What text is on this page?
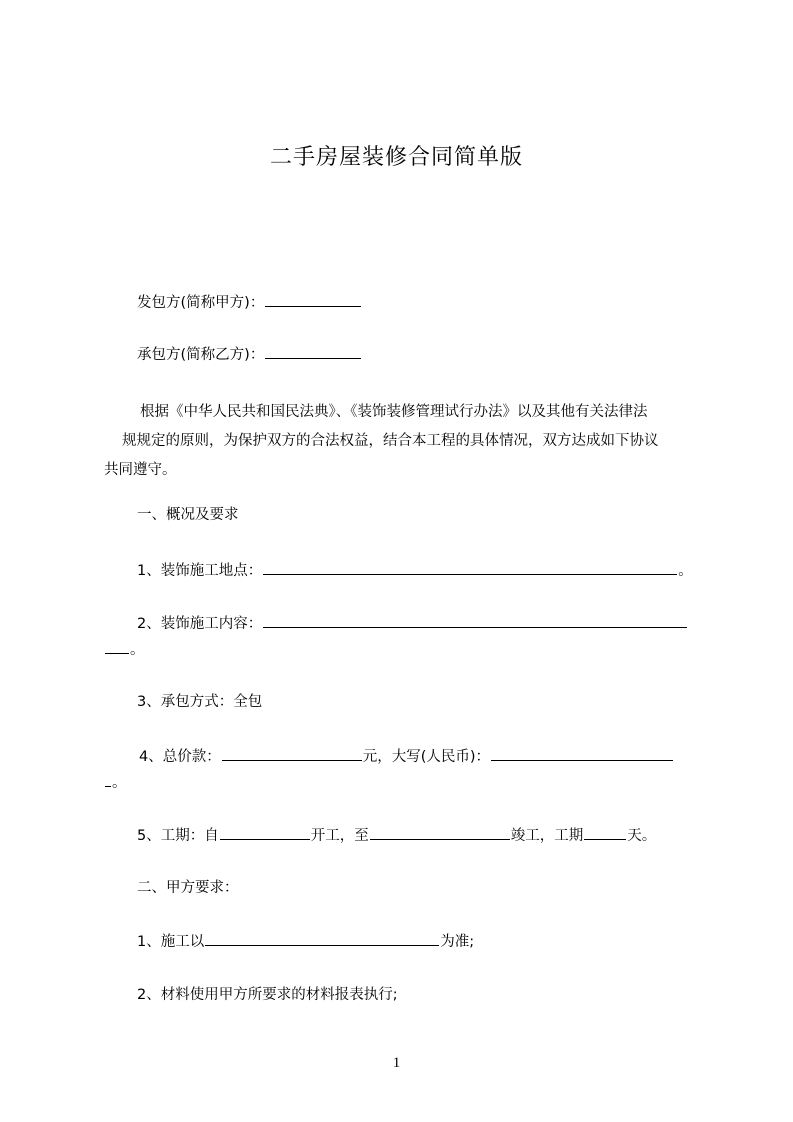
二手房屋装修合同简单版
发包方(简称甲方)：
承包方(简称乙方)：
根据《中华人民共和国民法典》、《装饰装修管理试行办法》以及其他有关法律法
规规定的原则，为保护双方的合法权益，结合本工程的具体情况，双方达成如下协议
共同遵守。
一、概况及要求
1、装饰施工地点：	。
2、装饰施工内容：
。
3、承包方式：全包
4、总价款：	元，大写(人民币)：
。
5、工期：自	开工，至	竣工，工期	天。
二、甲方要求：
1、施工以	为准;
2、材料使用甲方所要求的材料报表执行;
1
